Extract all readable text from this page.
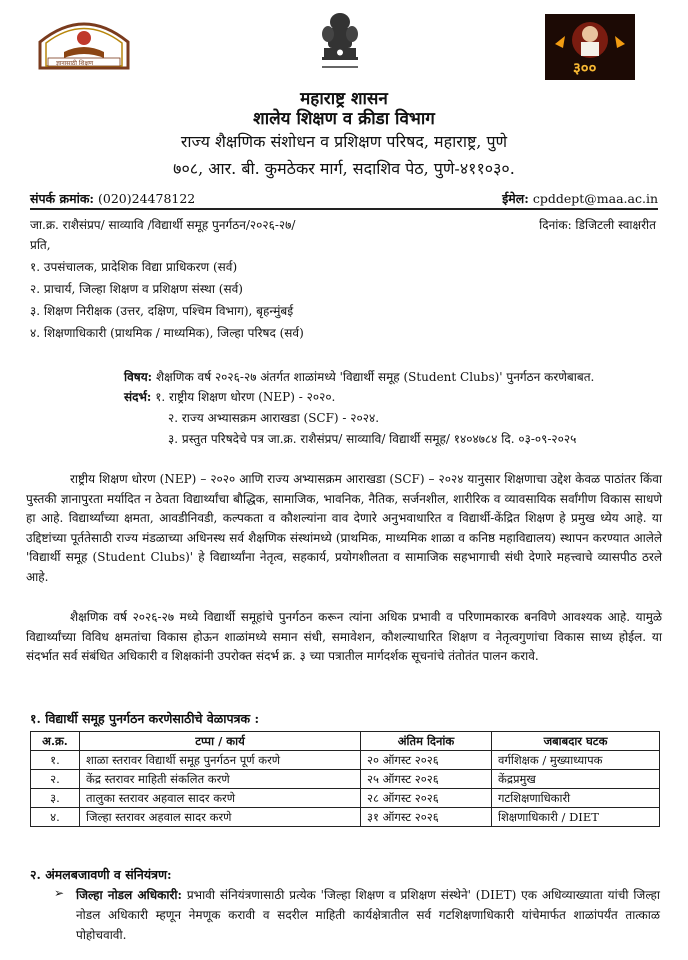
ज्ञानासाठी शिक्षण	३००
महाराष्ट्र शासन
शालेय शिक्षण व क्रीडा विभाग
राज्य शैक्षणिक संशोधन व प्रशिक्षण परिषद, महाराष्ट्र, पुणे
७०८, आर. बी. कुमठेकर मार्ग, सदाशिव पेठ, पुणे-४११०३०.
संपर्क क्रमांक: (020)24478122	ईमेल: cpddept@maa.ac.in
जा.क्र. राशैसंप्रप/ साव्यावि /विद्यार्थी समूह पुनर्गठन/२०२६-२७/	दिनांक: डिजिटली स्वाक्षरीत
प्रति,
१. उपसंचालक, प्रादेशिक विद्या प्राधिकरण (सर्व)
२. प्राचार्य, जिल्हा शिक्षण व प्रशिक्षण संस्था (सर्व)
३. शिक्षण निरीक्षक (उत्तर, दक्षिण, पश्चिम विभाग), बृहन्मुंबई
४. शिक्षणाधिकारी (प्राथमिक / माध्यमिक), जिल्हा परिषद (सर्व)
विषय: शैक्षणिक वर्ष २०२६-२७ अंतर्गत शाळांमध्ये 'विद्यार्थी समूह (Student Clubs)' पुनर्गठन करणेबाबत.
संदर्भ: १. राष्ट्रीय शिक्षण धोरण (NEP) - २०२०.
२. राज्य अभ्यासक्रम आराखडा (SCF) - २०२४.
३. प्रस्तुत परिषदेचे पत्र जा.क्र. राशैसंप्रप/ साव्यावि/ विद्यार्थी समूह/ १४०४७८४ दि. ०३-०९-२०२५
राष्ट्रीय शिक्षण धोरण (NEP) – २०२० आणि राज्य अभ्यासक्रम आराखडा (SCF) – २०२४ यानुसार शिक्षणाचा उद्देश केवळ पाठांतर किंवा पुस्तकी ज्ञानापुरता मर्यादित न ठेवता विद्यार्थ्यांचा बौद्धिक, सामाजिक, भावनिक, नैतिक, सर्जनशील, शारीरिक व व्यावसायिक सर्वांगीण विकास साधणे हा आहे. विद्यार्थ्यांच्या क्षमता, आवडीनिवडी, कल्पकता व कौशल्यांना वाव देणारे अनुभवाधारित व विद्यार्थी-केंद्रित शिक्षण हे प्रमुख ध्येय आहे. या उद्दिष्टांच्या पूर्ततेसाठी राज्य मंडळाच्या अधिनस्थ सर्व शैक्षणिक संस्थांमध्ये (प्राथमिक, माध्यमिक शाळा व कनिष्ठ महाविद्यालय) स्थापन करण्यात आलेले 'विद्यार्थी समूह (Student Clubs)' हे विद्यार्थ्यांना नेतृत्व, सहकार्य, प्रयोगशीलता व सामाजिक सहभागाची संधी देणारे महत्त्वाचे व्यासपीठ ठरले आहे.
शैक्षणिक वर्ष २०२६-२७ मध्ये विद्यार्थी समूहांचे पुनर्गठन करून त्यांना अधिक प्रभावी व परिणामकारक बनविणे आवश्यक आहे. यामुळे विद्यार्थ्यांच्या विविध क्षमतांचा विकास होऊन शाळांमध्ये समान संधी, समावेशन, कौशल्याधारित शिक्षण व नेतृत्वगुणांचा विकास साध्य होईल. या संदर्भात सर्व संबंधित अधिकारी व शिक्षकांनी उपरोक्त संदर्भ क्र. ३ च्या पत्रातील मार्गदर्शक सूचनांचे तंतोतंत पालन करावे.
१. विद्यार्थी समूह पुनर्गठन करणेसाठीचे वेळापत्रक :
अ.क्र.	टप्पा / कार्य	अंतिम दिनांक	जबाबदार घटक
१.	शाळा स्तरावर विद्यार्थी समूह पुनर्गठन पूर्ण करणे	२० ऑगस्ट २०२६	वर्गशिक्षक / मुख्याध्यापक
२.	केंद्र स्तरावर माहिती संकलित करणे	२५ ऑगस्ट २०२६	केंद्रप्रमुख
३.	तालुका स्तरावर अहवाल सादर करणे	२८ ऑगस्ट २०२६	गटशिक्षणाधिकारी
४.	जिल्हा स्तरावर अहवाल सादर करणे	३१ ऑगस्ट २०२६	शिक्षणाधिकारी / DIET
२. अंमलबजावणी व संनियंत्रण:
➢ जिल्हा नोडल अधिकारी: प्रभावी संनियंत्रणासाठी प्रत्येक 'जिल्हा शिक्षण व प्रशिक्षण संस्थेने' (DIET) एक अधिव्याख्याता यांची जिल्हा नोडल अधिकारी म्हणून नेमणूक करावी व सदरील माहिती कार्यक्षेत्रातील सर्व गटशिक्षणाधिकारी यांचेमार्फत शाळांपर्यंत तात्काळ पोहोचवावी.
